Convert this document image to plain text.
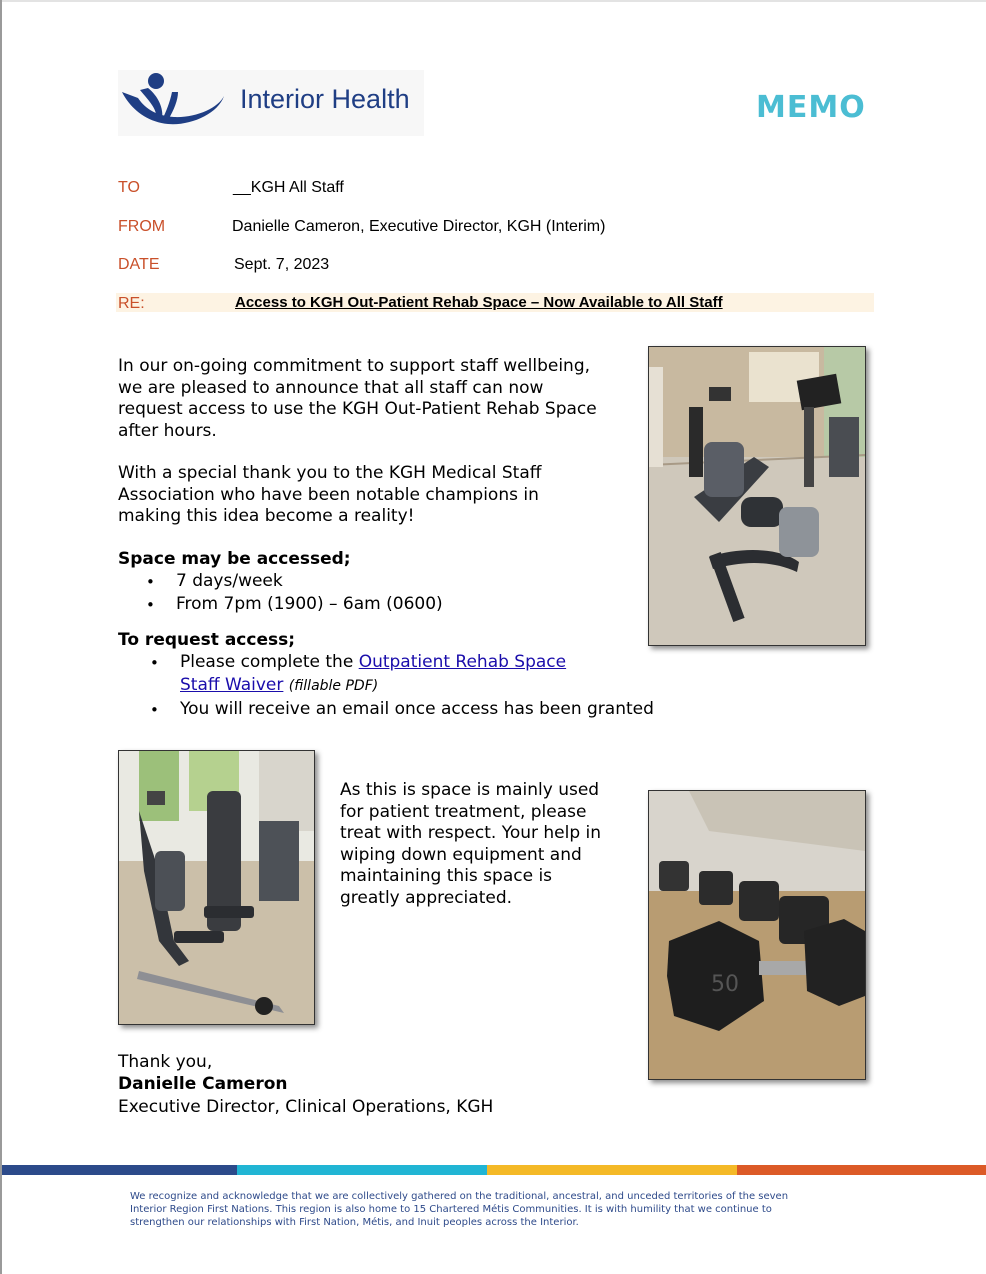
Interior Health	MEMO
TO	__KGH All Staff
FROM	Danielle Cameron, Executive Director, KGH (Interim)
DATE	Sept. 7, 2023
RE:	Access to KGH Out-Patient Rehab Space – Now Available to All Staff
In our on-going commitment to support staff wellbeing,
we are pleased to announce that all staff can now
request access to use the KGH Out-Patient Rehab Space
after hours.
With a special thank you to the KGH Medical Staff
Association who have been notable champions in
making this idea become a reality!
Space may be accessed;
• 7 days/week
• From 7pm (1900) – 6am (0600)
To request access;
• Please complete the Outpatient Rehab Space
Staff Waiver (fillable PDF)
• You will receive an email once access has been granted
As this is space is mainly used
for patient treatment, please
treat with respect. Your help in
wiping down equipment and
maintaining this space is
greatly appreciated.
50
Thank you,
Danielle Cameron
Executive Director, Clinical Operations, KGH
We recognize and acknowledge that we are collectively gathered on the traditional, ancestral, and unceded territories of the seven
Interior Region First Nations. This region is also home to 15 Chartered Métis Communities. It is with humility that we continue to
strengthen our relationships with First Nation, Métis, and Inuit peoples across the Interior.
